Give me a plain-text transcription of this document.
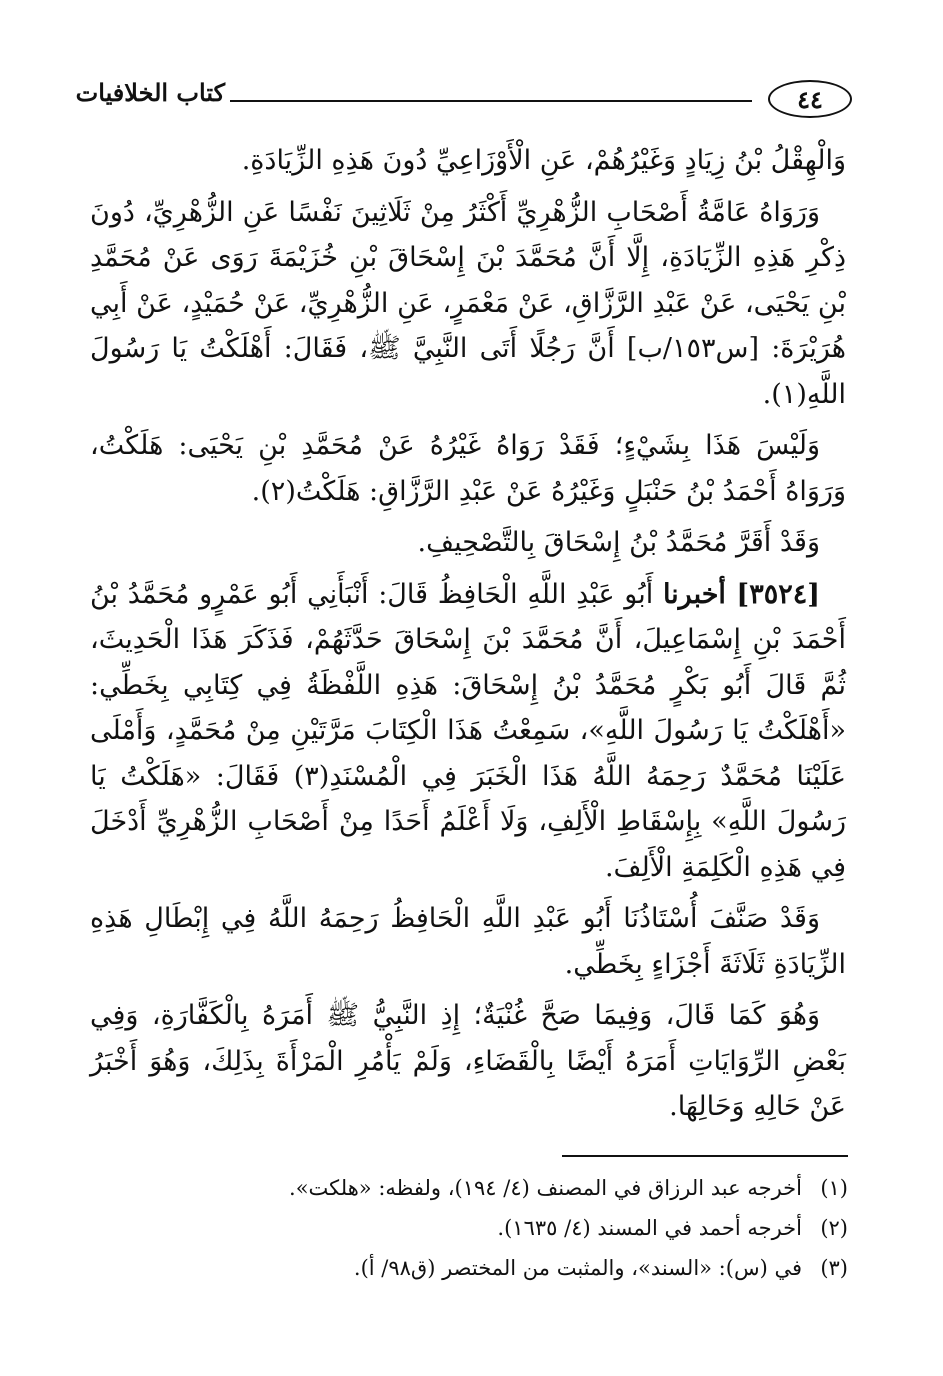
٤٤
كتاب الخلافيات

وَالْهِقْلُ بْنُ زِيَادٍ وَغَيْرُهُمْ، عَنِ الْأَوْزَاعِيِّ دُونَ هَذِهِ الزِّيَادَةِ.

وَرَوَاهُ عَامَّةُ أَصْحَابِ الزُّهْرِيِّ أَكْثَرُ مِنْ ثَلَاثِينَ نَفْسًا عَنِ الزُّهْرِيِّ، دُونَ ذِكْرِ هَذِهِ الزِّيَادَةِ، إِلَّا أَنَّ مُحَمَّدَ بْنَ إِسْحَاقَ بْنِ خُزَيْمَةَ رَوَى عَنْ مُحَمَّدِ بْنِ يَحْيَى، عَنْ عَبْدِ الرَّزَّاقِ، عَنْ مَعْمَرٍ، عَنِ الزُّهْرِيِّ، عَنْ حُمَيْدٍ، عَنْ أَبِي هُرَيْرَةَ: [س١٥٣/ب] أَنَّ رَجُلًا أَتَى النَّبِيَّ ﷺ، فَقَالَ: أَهْلَكْتُ يَا رَسُولَ اللَّهِ(١).

وَلَيْسَ هَذَا بِشَيْءٍ؛ فَقَدْ رَوَاهُ غَيْرُهُ عَنْ مُحَمَّدِ بْنِ يَحْيَى: هَلَكْتُ، وَرَوَاهُ أَحْمَدُ بْنُ حَنْبَلٍ وَغَيْرُهُ عَنْ عَبْدِ الرَّزَّاقِ: هَلَكْتُ(٢).

وَقَدْ أَقَرَّ مُحَمَّدُ بْنُ إِسْحَاقَ بِالتَّصْحِيفِ.

[٣٥٢٤] أخبرنا أَبُو عَبْدِ اللَّهِ الْحَافِظُ قَالَ: أَنْبَأَنِي أَبُو عَمْرٍو مُحَمَّدُ بْنُ أَحْمَدَ بْنِ إِسْمَاعِيلَ، أَنَّ مُحَمَّدَ بْنَ إِسْحَاقَ حَدَّثَهُمْ، فَذَكَرَ هَذَا الْحَدِيثَ، ثُمَّ قَالَ أَبُو بَكْرٍ مُحَمَّدُ بْنُ إِسْحَاقَ: هَذِهِ اللَّفْظَةُ فِي كِتَابِي بِخَطِّي: «أَهْلَكْتُ يَا رَسُولَ اللَّهِ»، سَمِعْتُ هَذَا الْكِتَابَ مَرَّتَيْنِ مِنْ مُحَمَّدٍ، وَأَمْلَى عَلَيْنَا مُحَمَّدٌ رَحِمَهُ اللَّهُ هَذَا الْخَبَرَ فِي الْمُسْنَدِ(٣) فَقَالَ: «هَلَكْتُ يَا رَسُولَ اللَّهِ» بِإِسْقَاطِ الْأَلِفِ، وَلَا أَعْلَمُ أَحَدًا مِنْ أَصْحَابِ الزُّهْرِيِّ أَدْخَلَ فِي هَذِهِ الْكَلِمَةِ الْأَلِفَ.

وَقَدْ صَنَّفَ أُسْتَاذُنَا أَبُو عَبْدِ اللَّهِ الْحَافِظُ رَحِمَهُ اللَّهُ فِي إِبْطَالِ هَذِهِ الزِّيَادَةِ ثَلَاثَةَ أَجْزَاءٍ بِخَطِّي.

وَهُوَ كَمَا قَالَ، وَفِيمَا صَحَّ غُنْيَةٌ؛ إِذِ النَّبِيُّ ﷺ أَمَرَهُ بِالْكَفَّارَةِ، وَفِي بَعْضِ الرِّوَايَاتِ أَمَرَهُ أَيْضًا بِالْقَضَاءِ، وَلَمْ يَأْمُرِ الْمَرْأَةَ بِذَلِكَ، وَهُوَ أَخْبَرُ عَنْ حَالِهِ وَحَالِهَا.

(١)أخرجه عبد الرزاق في المصنف (٤/ ١٩٤)، ولفظه: «هلكت».

(٢)أخرجه أحمد في المسند (٤/ ١٦٣٥).

(٣)في (س): «السند»، والمثبت من المختصر (ق٩٨/ أ).
